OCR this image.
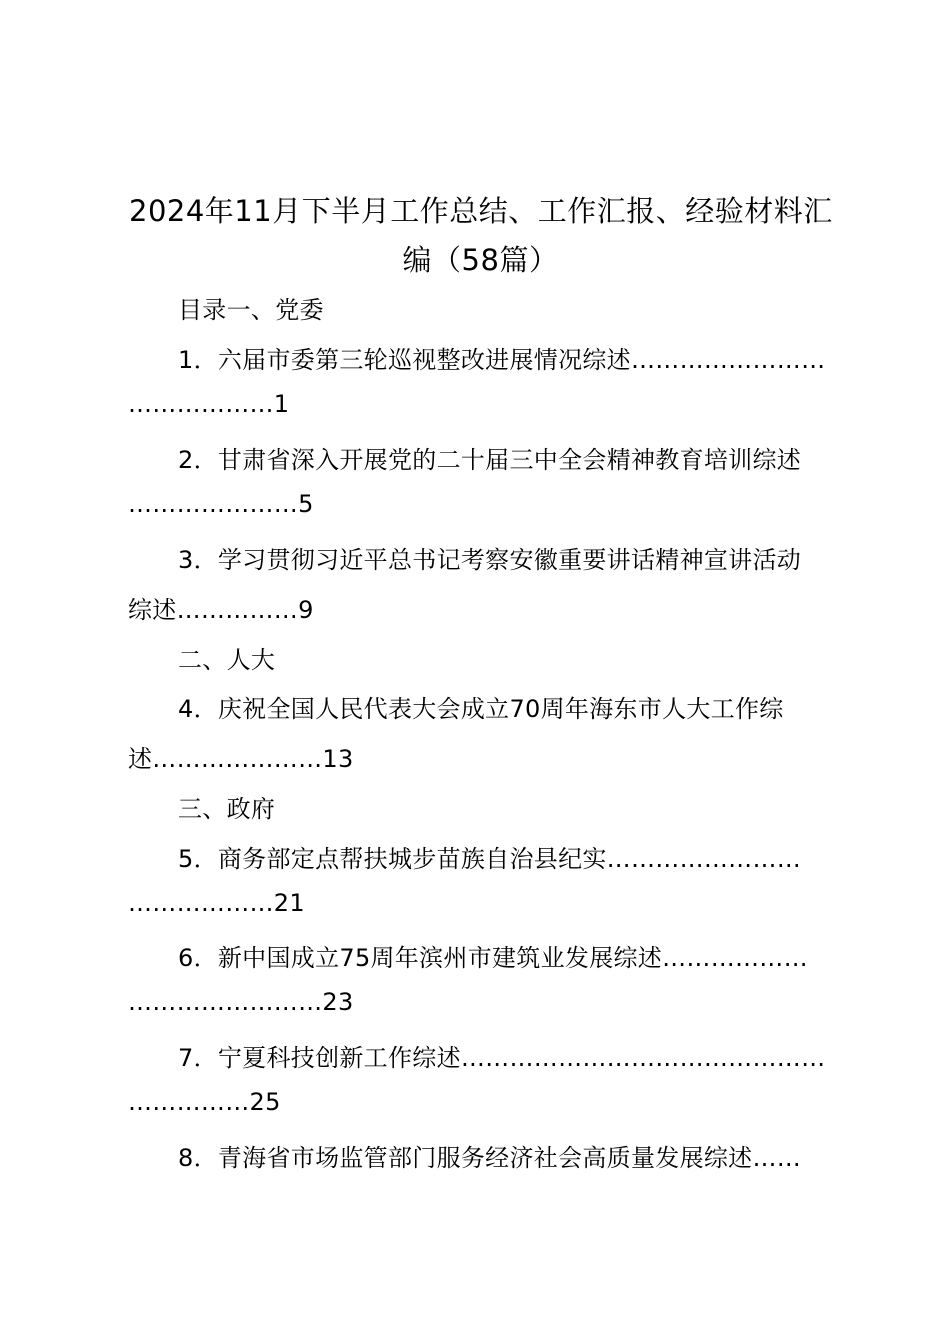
2024年11月下半月工作总结、工作汇报、经验材料汇
编（58篇）
目录一、党委
1．六届市委第三轮巡视整改进展情况综述……………………
………………1
2．甘肃省深入开展党的二十届三中全会精神教育培训综述
…………………5
3．学习贯彻习近平总书记考察安徽重要讲话精神宣讲活动
综述……………9
二、人大
4．庆祝全国人民代表大会成立70周年海东市人大工作综
述…………………13
三、政府
5．商务部定点帮扶城步苗族自治县纪实……………………
………………21
6．新中国成立75周年滨州市建筑业发展综述………………
……………………23
7．宁夏科技创新工作综述………………………………………
……………25
8．青海省市场监管部门服务经济社会高质量发展综述……
